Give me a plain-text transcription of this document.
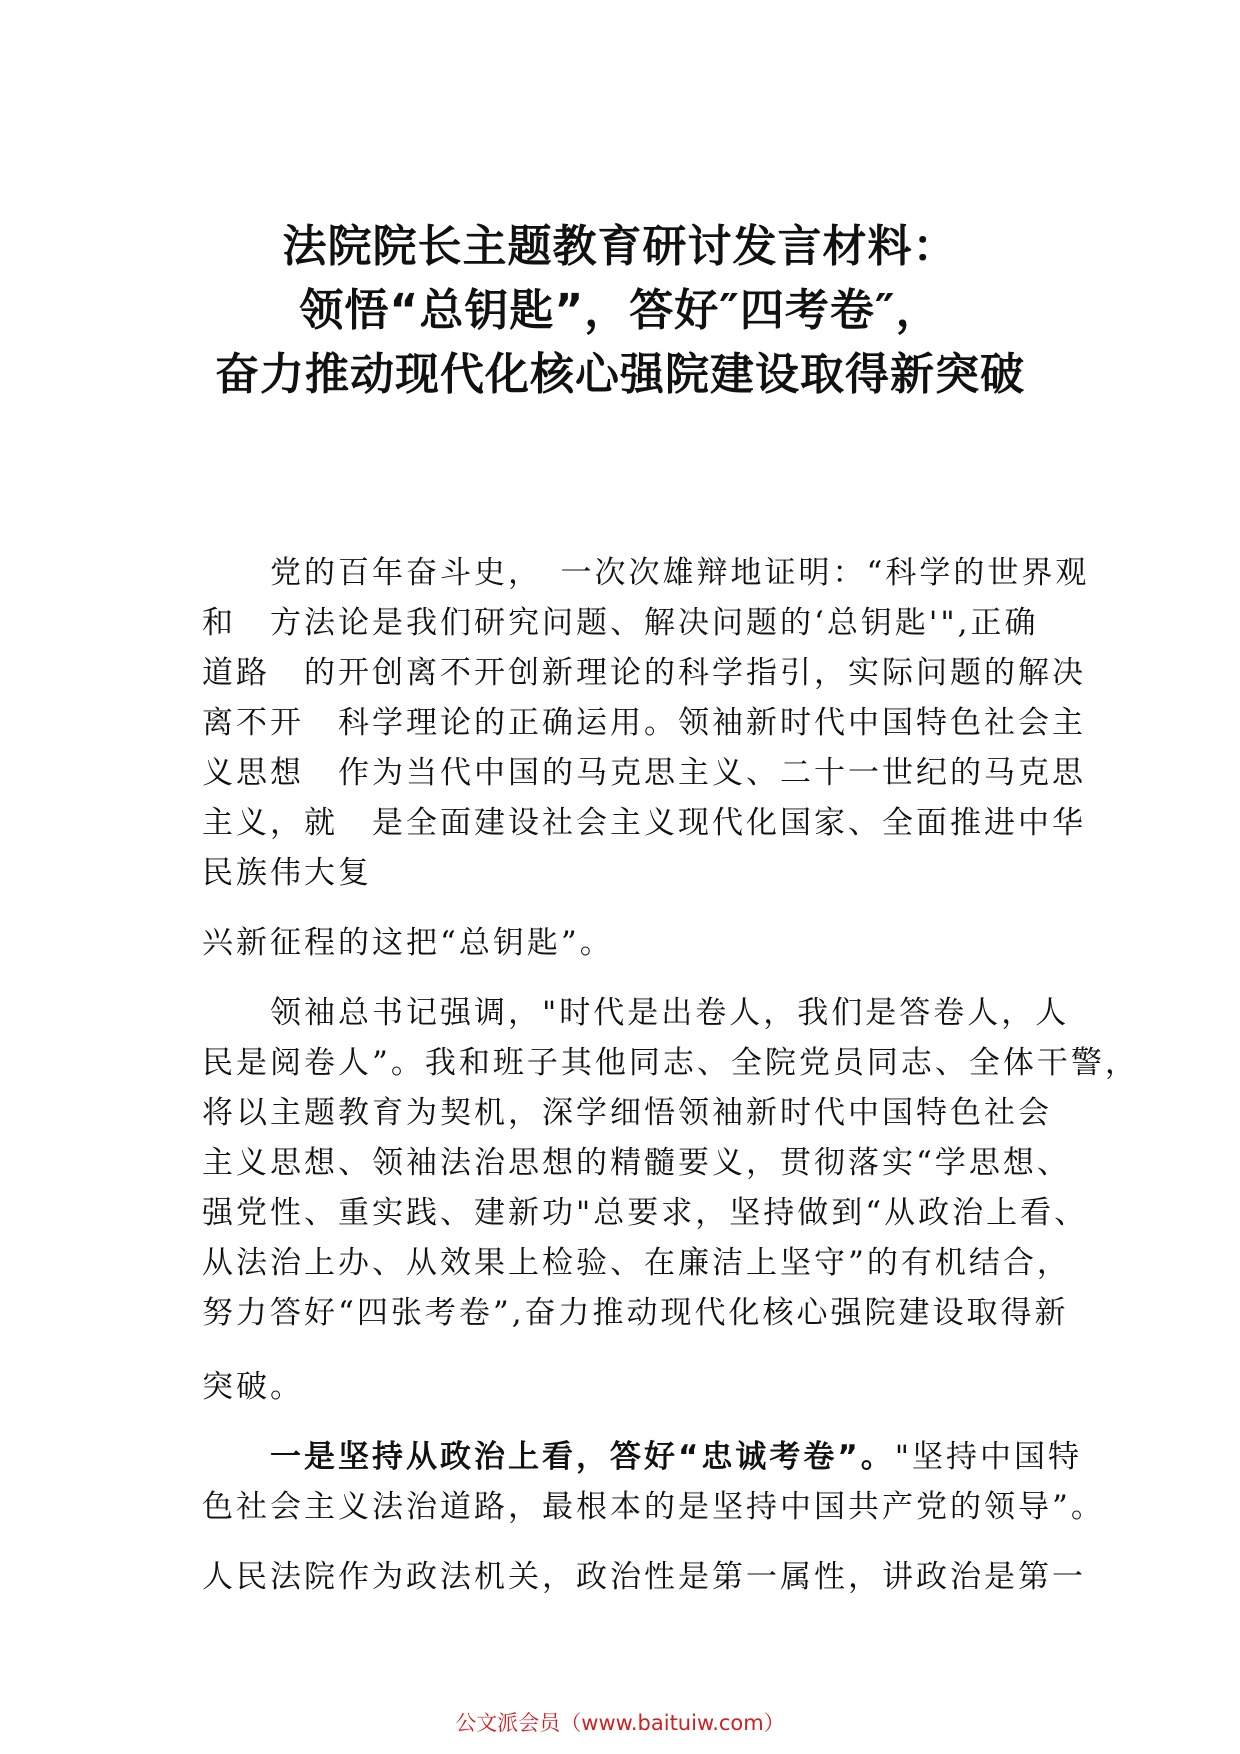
法院院长主题教育研讨发言材料：
领悟“总钥匙”，答好″四考卷″，
奋力推动现代化核心强院建设取得新突破
党的百年奋斗史，　一次次雄辩地证明：“科学的世界观
和　方法论是我们研究问题、解决问题的‘总钥匙'",正确
道路　的开创离不开创新理论的科学指引，实际问题的解决
离不开　科学理论的正确运用。领袖新时代中国特色社会主
义思想　作为当代中国的马克思主义、二十一世纪的马克思
主义，就　是全面建设社会主义现代化国家、全面推进中华
民族伟大复
兴新征程的这把“总钥匙”。
领袖总书记强调，"时代是出卷人，我们是答卷人，人
民是阅卷人”。我和班子其他同志、全院党员同志、全体干警，
将以主题教育为契机，深学细悟领袖新时代中国特色社会
主义思想、领袖法治思想的精髓要义，贯彻落实“学思想、
强党性、重实践、建新功"总要求，坚持做到“从政治上看、
从法治上办、从效果上检验、在廉洁上坚守”的有机结合，
努力答好“四张考卷”,奋力推动现代化核心强院建设取得新
突破。
一是坚持从政治上看，答好“忠诚考卷”。"坚持中国特
色社会主义法治道路，最根本的是坚持中国共产党的领导”。
人民法院作为政法机关，政治性是第一属性，讲政治是第一
公文派会员（www.baituiw.com）
